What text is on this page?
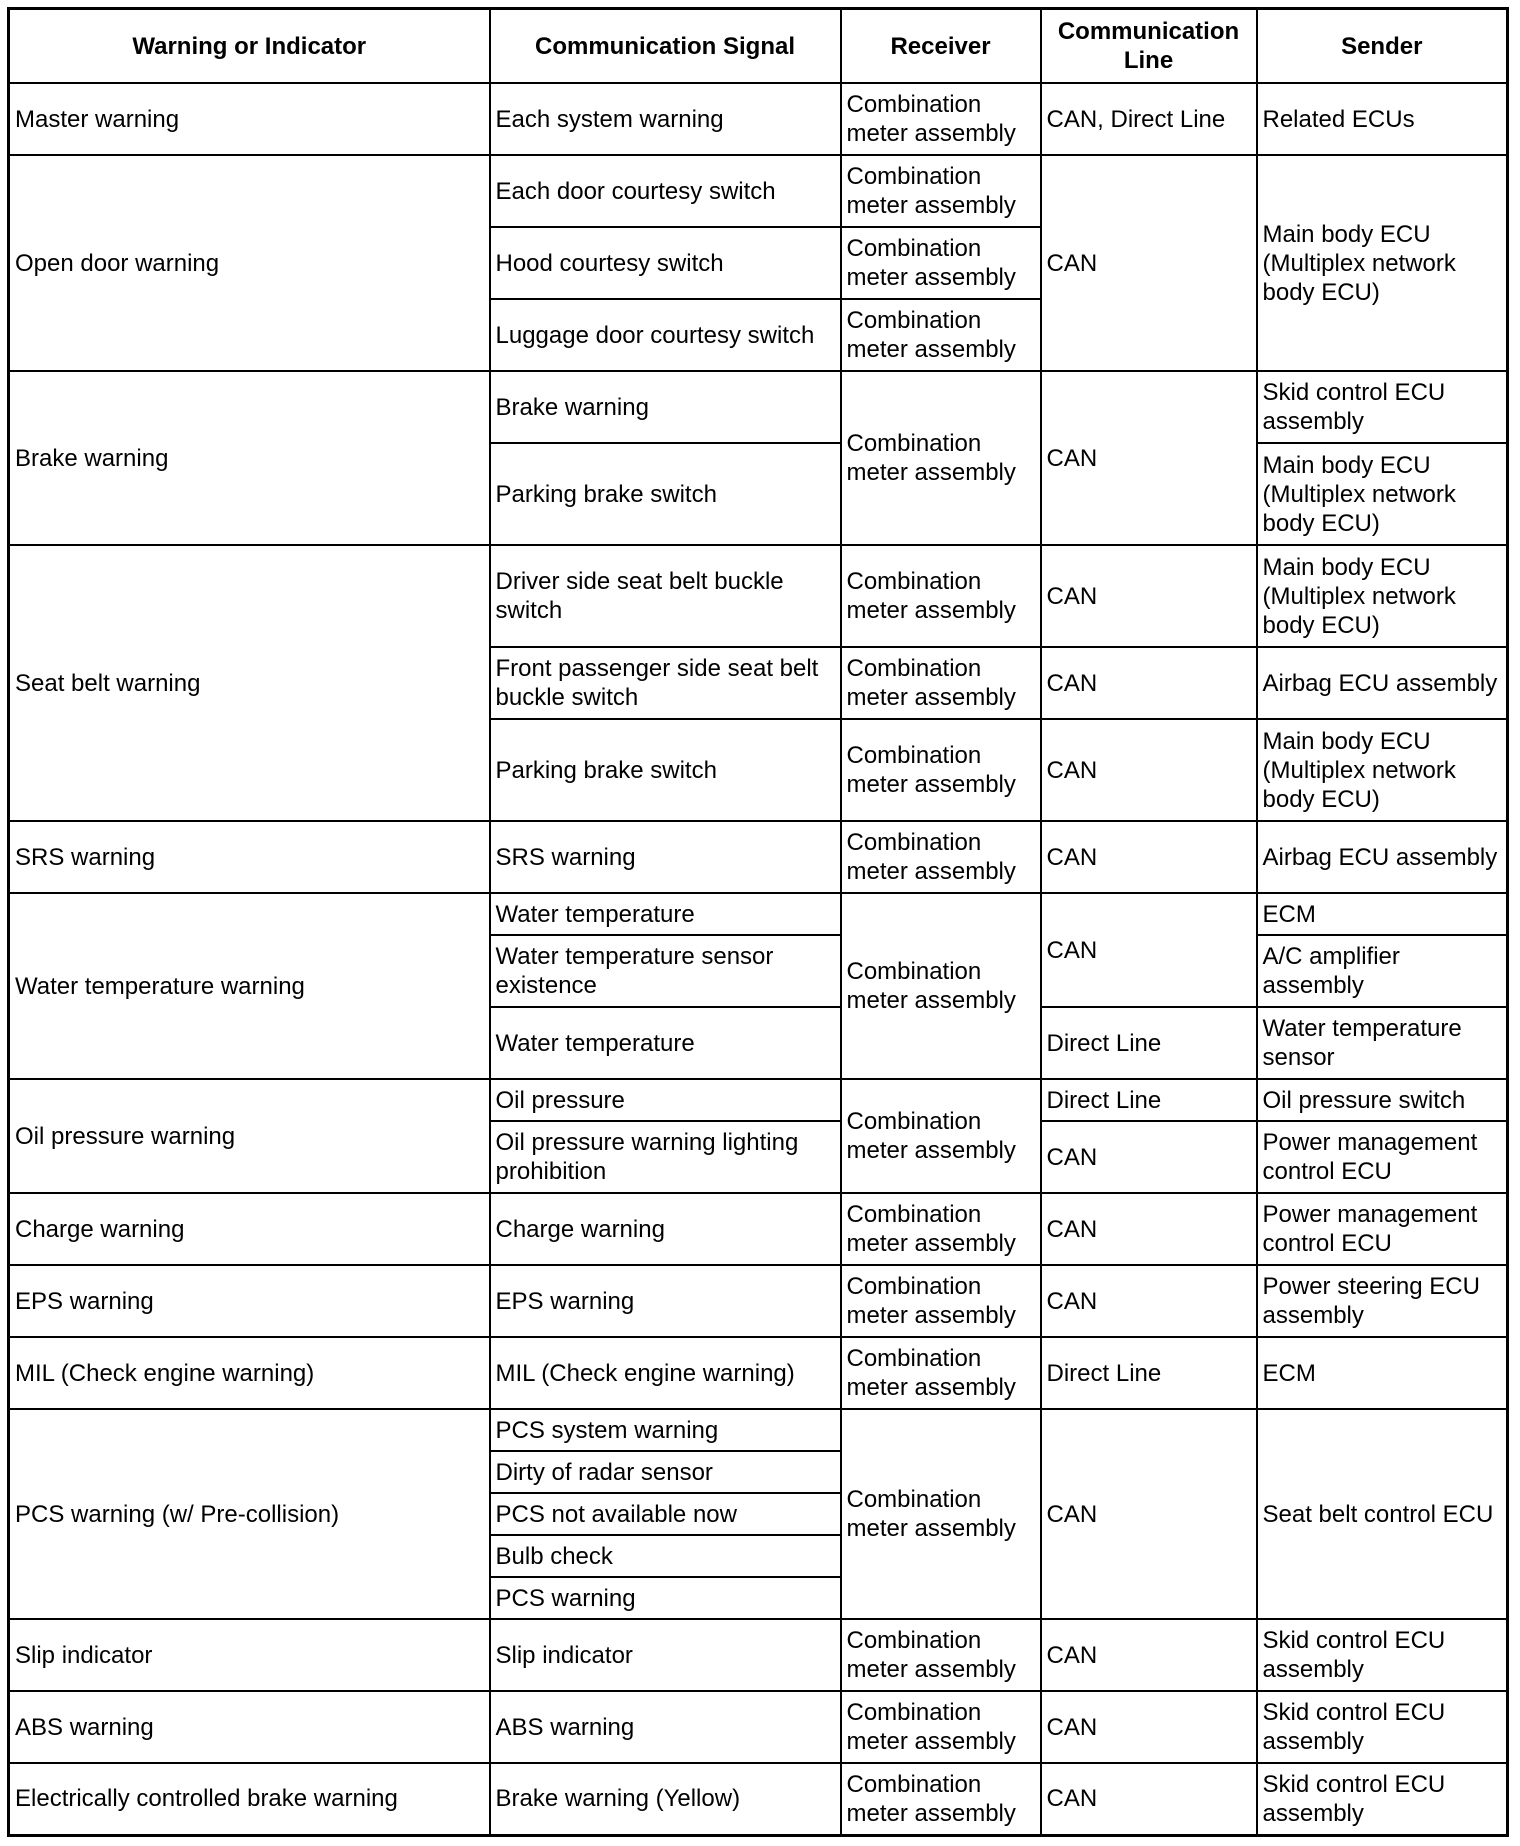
Warning or Indicator	Communication Signal	Receiver	Communication Line	Sender
Master warning	Each system warning	Combination meter assembly	CAN, Direct Line	Related ECUs
Open door warning	Each door courtesy switch	Combination meter assembly	CAN	Main body ECU (Multiplex network body ECU)
	Hood courtesy switch	Combination meter assembly		
	Luggage door courtesy switch	Combination meter assembly		
Brake warning	Brake warning	Combination meter assembly	CAN	Skid control ECU assembly
	Parking brake switch			Main body ECU (Multiplex network body ECU)
Seat belt warning	Driver side seat belt buckle switch	Combination meter assembly	CAN	Main body ECU (Multiplex network body ECU)
	Front passenger side seat belt buckle switch	Combination meter assembly	CAN	Airbag ECU assembly
	Parking brake switch	Combination meter assembly	CAN	Main body ECU (Multiplex network body ECU)
SRS warning	SRS warning	Combination meter assembly	CAN	Airbag ECU assembly
Water temperature warning	Water temperature	Combination meter assembly	CAN	ECM
	Water temperature sensor existence			A/C amplifier assembly
	Water temperature		Direct Line	Water temperature sensor
Oil pressure warning	Oil pressure	Combination meter assembly	Direct Line	Oil pressure switch
	Oil pressure warning lighting prohibition		CAN	Power management control ECU
Charge warning	Charge warning	Combination meter assembly	CAN	Power management control ECU
EPS warning	EPS warning	Combination meter assembly	CAN	Power steering ECU assembly
MIL (Check engine warning)	MIL (Check engine warning)	Combination meter assembly	Direct Line	ECM
PCS warning (w/ Pre-collision)	PCS system warning	Combination meter assembly	CAN	Seat belt control ECU
	Dirty of radar sensor			
	PCS not available now			
	Bulb check			
	PCS warning			
Slip indicator	Slip indicator	Combination meter assembly	CAN	Skid control ECU assembly
ABS warning	ABS warning	Combination meter assembly	CAN	Skid control ECU assembly
Electrically controlled brake warning	Brake warning (Yellow)	Combination meter assembly	CAN	Skid control ECU assembly
